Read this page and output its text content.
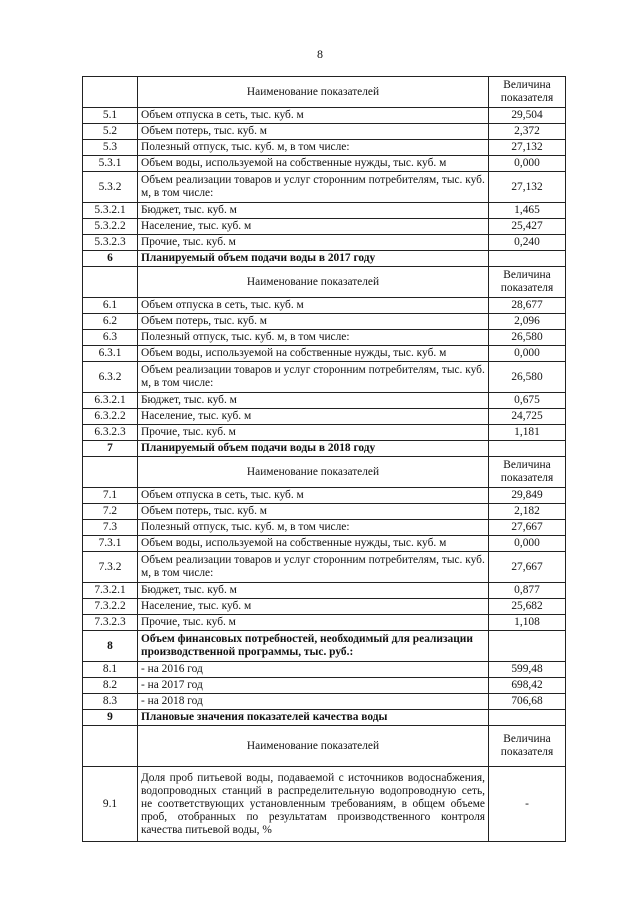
8
	Наименование показателей	Величина показателя
5.1	Объем отпуска в сеть, тыс. куб. м	29,504
5.2	Объем потерь, тыс. куб. м	2,372
5.3	Полезный отпуск, тыс. куб. м, в том числе:	27,132
5.3.1	Объем воды, используемой на собственные нужды, тыс. куб. м	0,000
5.3.2	Объем реализации товаров и услуг сторонним потребителям, тыс. куб. м, в том числе:	27,132
5.3.2.1	Бюджет, тыс. куб. м	1,465
5.3.2.2	Население, тыс. куб. м	25,427
5.3.2.3	Прочие, тыс. куб. м	0,240
6	Планируемый объем подачи воды в 2017 году	
	Наименование показателей	Величина показателя
6.1	Объем отпуска в сеть, тыс. куб. м	28,677
6.2	Объем потерь, тыс. куб. м	2,096
6.3	Полезный отпуск, тыс. куб. м, в том числе:	26,580
6.3.1	Объем воды, используемой на собственные нужды, тыс. куб. м	0,000
6.3.2	Объем реализации товаров и услуг сторонним потребителям, тыс. куб. м, в том числе:	26,580
6.3.2.1	Бюджет, тыс. куб. м	0,675
6.3.2.2	Население, тыс. куб. м	24,725
6.3.2.3	Прочие, тыс. куб. м	1,181
7	Планируемый объем подачи воды в 2018 году	
	Наименование показателей	Величина показателя
7.1	Объем отпуска в сеть, тыс. куб. м	29,849
7.2	Объем потерь, тыс. куб. м	2,182
7.3	Полезный отпуск, тыс. куб. м, в том числе:	27,667
7.3.1	Объем воды, используемой на собственные нужды, тыс. куб. м	0,000
7.3.2	Объем реализации товаров и услуг сторонним потребителям, тыс. куб. м, в том числе:	27,667
7.3.2.1	Бюджет, тыс. куб. м	0,877
7.3.2.2	Население, тыс. куб. м	25,682
7.3.2.3	Прочие, тыс. куб. м	1,108
8	Объем финансовых потребностей, необходимый для реализации производственной программы, тыс. руб.:	
8.1	- на 2016 год	599,48
8.2	- на 2017 год	698,42
8.3	- на 2018 год	706,68
9	Плановые значения показателей качества воды	
	Наименование показателей	Величина показателя
9.1	Доля проб питьевой воды, подаваемой с источников водоснабжения, водопроводных станций в распределительную водопроводную сеть, не соответствующих установленным требованиям, в общем объеме проб, отобранных по результатам производственного контроля качества питьевой воды, %	-
